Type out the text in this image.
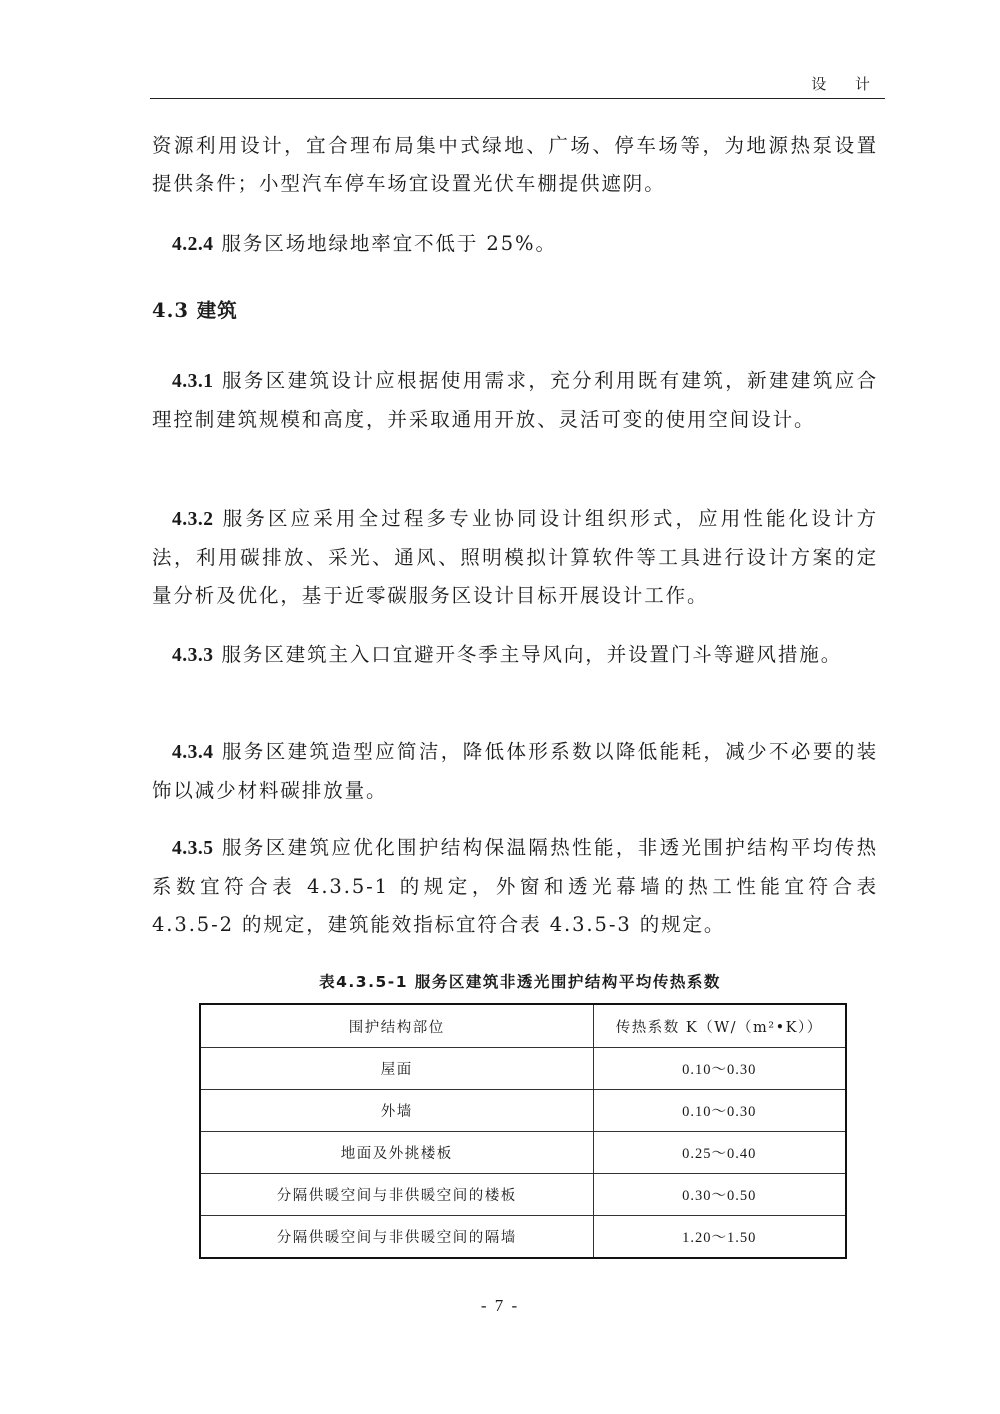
设 计

资源利用设计，宜合理布局集中式绿地、广场、停车场等，为地源热泵设置提供条件；小型汽车停车场宜设置光伏车棚提供遮阴。

4.2.4 服务区场地绿地率宜不低于 25%。

4.3 建筑

4.3.1 服务区建筑设计应根据使用需求，充分利用既有建筑，新建建筑应合理控制建筑规模和高度，并采取通用开放、灵活可变的使用空间设计。

4.3.2 服务区应采用全过程多专业协同设计组织形式，应用性能化设计方法，利用碳排放、采光、通风、照明模拟计算软件等工具进行设计方案的定量分析及优化，基于近零碳服务区设计目标开展设计工作。

4.3.3 服务区建筑主入口宜避开冬季主导风向，并设置门斗等避风措施。

4.3.4 服务区建筑造型应简洁，降低体形系数以降低能耗，减少不必要的装饰以减少材料碳排放量。

4.3.5 服务区建筑应优化围护结构保温隔热性能，非透光围护结构平均传热系数宜符合表 4.3.5-1 的规定，外窗和透光幕墙的热工性能宜符合表 4.3.5-2 的规定，建筑能效指标宜符合表 4.3.5-3 的规定。

表4.3.5-1 服务区建筑非透光围护结构平均传热系数
围护结构部位	传热系数 K（W/（m²•K））
屋面	0.10～0.30
外墙	0.10～0.30
地面及外挑楼板	0.25～0.40
分隔供暖空间与非供暖空间的楼板	0.30～0.50
分隔供暖空间与非供暖空间的隔墙	1.20～1.50
- 7 -
